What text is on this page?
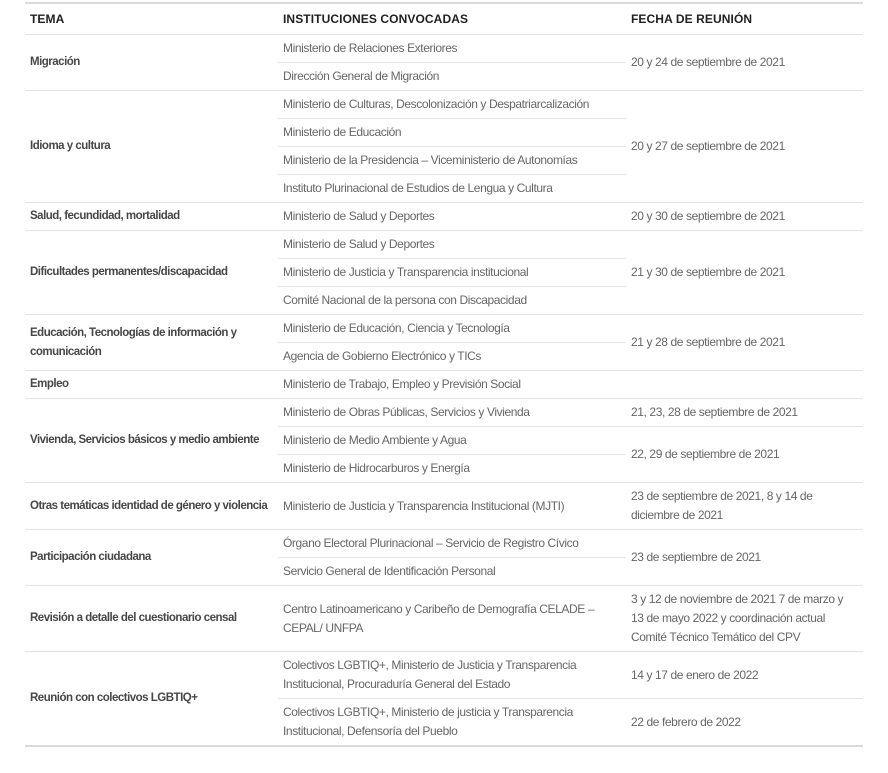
TEMA	INSTITUCIONES CONVOCADAS	FECHA DE REUNIÓN
Migración	Ministerio de Relaciones Exteriores	20 y 24 de septiembre de 2021
	Dirección General de Migración	
Idioma y cultura	Ministerio de Culturas, Descolonización y Despatriarcalización	20 y 27 de septiembre de 2021
	Ministerio de Educación	
	Ministerio de la Presidencia – Viceministerio de Autonomías	
	Instituto Plurinacional de Estudios de Lengua y Cultura	
Salud, fecundidad, mortalidad	Ministerio de Salud y Deportes	20 y 30 de septiembre de 2021
Dificultades permanentes/discapacidad	Ministerio de Salud y Deportes	21 y 30 de septiembre de 2021
	Ministerio de Justicia y Transparencia institucional	
	Comité Nacional de la persona con Discapacidad	
Educación, Tecnologías de información y comunicación	Ministerio de Educación, Ciencia y Tecnología	21 y 28 de septiembre de 2021
	Agencia de Gobierno Electrónico y TICs	
Empleo	Ministerio de Trabajo, Empleo y Previsión Social	
Vivienda, Servicios básicos y medio ambiente	Ministerio de Obras Públicas, Servicios y Vivienda	21, 23, 28 de septiembre de 2021
	Ministerio de Medio Ambiente y Agua	22, 29 de septiembre de 2021
	Ministerio de Hidrocarburos y Energía	
Otras temáticas identidad de género y violencia	Ministerio de Justicia y Transparencia Institucional (MJTI)	23 de septiembre de 2021, 8 y 14 de diciembre de 2021
Participación ciudadana	Órgano Electoral Plurinacional – Servicio de Registro Cívico	23 de septiembre de 2021
	Servicio General de Identificación Personal	
Revisión a detalle del cuestionario censal	Centro Latinoamericano y Caribeño de Demografía CELADE – CEPAL/ UNFPA	3 y 12 de noviembre de 2021 7 de marzo y 13 de mayo 2022 y coordinación actual Comité Técnico Temático del CPV
Reunión con colectivos LGBTIQ+	Colectivos LGBTIQ+, Ministerio de Justicia y Transparencia Institucional, Procuraduría General del Estado	14 y 17 de enero de 2022
	Colectivos LGBTIQ+, Ministerio de justicia y Transparencia Institucional, Defensoría del Pueblo	22 de febrero de 2022
